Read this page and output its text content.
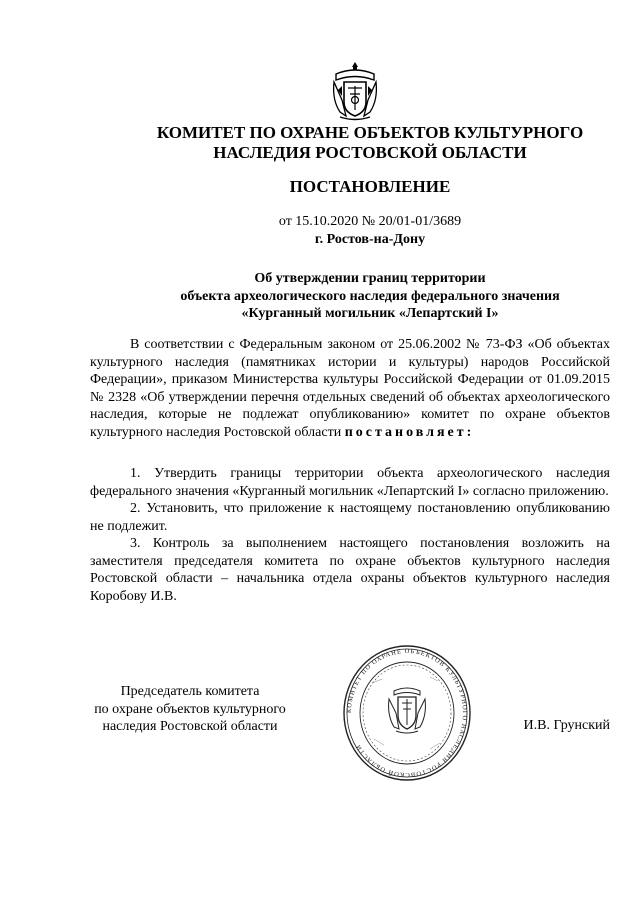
КОМИТЕТ ПО ОХРАНЕ ОБЪЕКТОВ КУЛЬТУРНОГО
НАСЛЕДИЯ РОСТОВСКОЙ ОБЛАСТИ
ПОСТАНОВЛЕНИЕ
от 15.10.2020 № 20/01-01/3689
г. Ростов-на-Дону
Об утверждении границ территории
объекта археологического наследия федерального значения
«Курганный могильник «Лепартский I»

В соответствии с Федеральным законом от 25.06.2002 № 73-ФЗ «Об объектах культурного наследия (памятниках истории и культуры) народов Российской Федерации», приказом Министерства культуры Российской Федерации от 01.09.2015 № 2328 «Об утверждении перечня отдельных сведений об объектах археологического наследия, которые не подлежат опубликованию» комитет по охране объектов культурного наследия Ростовской области постановляет:

1. Утвердить границы территории объекта археологического наследия федерального значения «Курганный могильник «Лепартский I» согласно приложению.

2. Установить, что приложение к настоящему постановлению опубликованию не подлежит.

3. Контроль за выполнением настоящего постановления возложить на заместителя председателя комитета по охране объектов культурного наследия Ростовской области – начальника отдела охраны объектов культурного наследия Коробову И.В.

Председатель комитета
по охране объектов культурного
наследия Ростовской области
КОМИТЕТ ПО ОХРАНЕ ОБЪЕКТОВ КУЛЬТУРНОГО НАСЛЕДИЯ РОСТОВСКОЙ ОБЛАСТИ
И.В. Грунский
